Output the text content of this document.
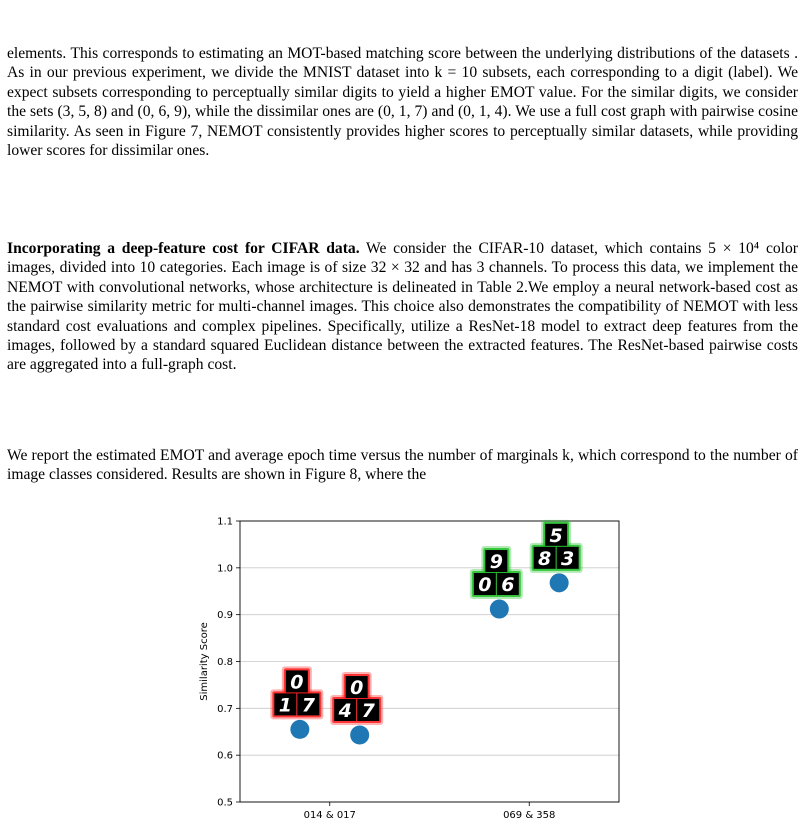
elements. This corresponds to estimating an MOT-based matching score between the underlying distributions of the datasets . As in our previous experiment, we divide the MNIST dataset into k = 10 subsets, each corresponding to a digit (label). We expect subsets corresponding to perceptually similar digits to yield a higher EMOT value. For the similar digits, we consider the sets (3, 5, 8) and (0, 6, 9), while the dissimilar ones are (0, 1, 7) and (0, 1, 4). We use a full cost graph with pairwise cosine similarity. As seen in Figure 7, NEMOT consistently provides higher scores to perceptually similar datasets, while providing lower scores for dissimilar ones.

Incorporating a deep-feature cost for CIFAR data. We consider the CIFAR-10 dataset, which contains 5 × 10⁴ color images, divided into 10 categories. Each image is of size 32 × 32 and has 3 channels. To process this data, we implement the NEMOT with convolutional networks, whose architecture is delineated in Table 2.We employ a neural network-based cost as the pairwise similarity metric for multi-channel images. This choice also demonstrates the compatibility of NEMOT with less standard cost evaluations and complex pipelines. Specifically, utilize a ResNet-18 model to extract deep features from the images, followed by a standard squared Euclidean distance between the extracted features. The ResNet-based pairwise costs are aggregated into a full-graph cost.

We report the estimated EMOT and average epoch time versus the number of marginals k, which correspond to the number of image classes considered. Results are shown in Figure 8, where the

0.5
0.6
0.7
0.8
0.9
1.0
1.1
014 & 017	069 & 358
Similarity Score	0
1 7
0
4 7
9
0 6
5
8 3
